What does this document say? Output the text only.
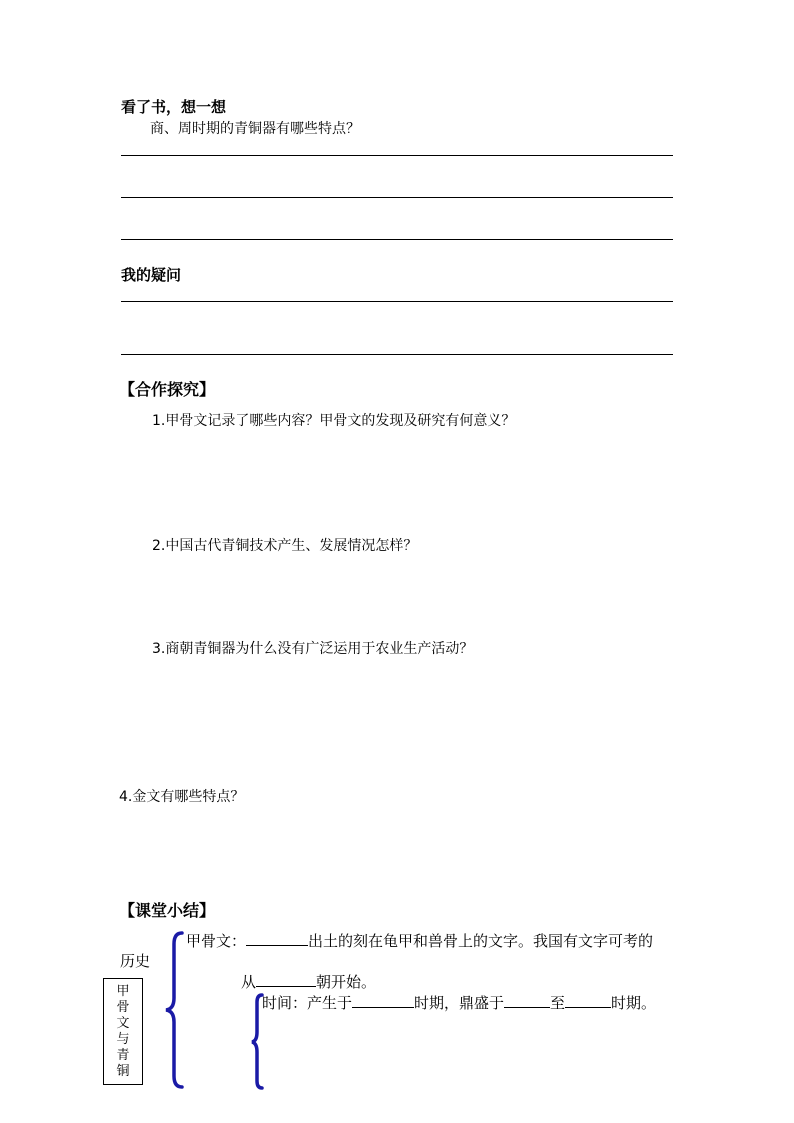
看了书，想一想
商、周时期的青铜器有哪些特点？
我的疑问
【合作探究】
1.甲骨文记录了哪些内容？甲骨文的发现及研究有何意义？
2.中国古代青铜技术产生、发展情况怎样？
3.商朝青铜器为什么没有广泛运用于农业生产活动？
4.金文有哪些特点？
【课堂小结】
历史
甲
骨
文
与
青
铜
甲骨文：	出土的刻在龟甲和兽骨上的文字。我国有文字可考的
从	朝开始。
时间：产生于	时期，鼎盛于	至	时期。
